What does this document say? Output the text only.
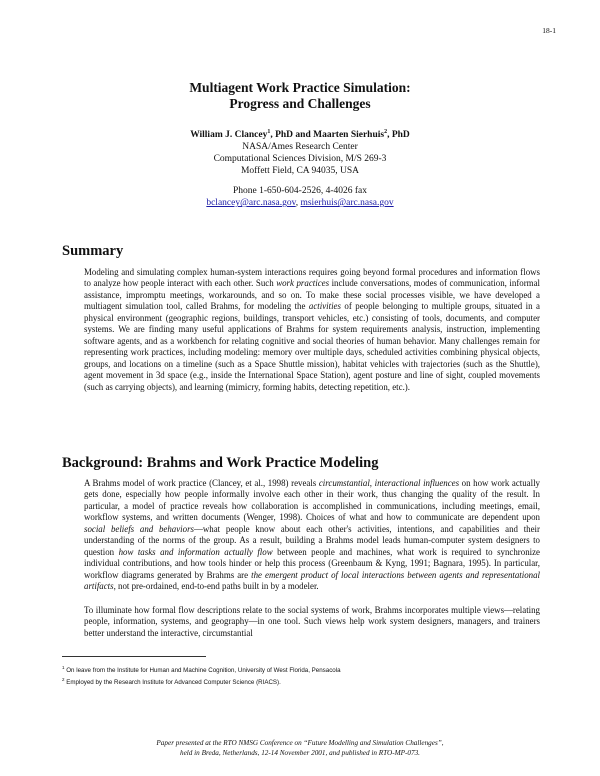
18-1
Multiagent Work Practice Simulation:
Progress and Challenges
William J. Clancey$^1$, PhD and Maarten Sierhuis$^2$, PhD
NASA/Ames Research Center
Computational Sciences Division, M/S 269-3
Moffett Field, CA 94035, USA
Phone 1-650-604-2526, 4-4026 fax
bclancey@arc.nasa.gov, msierhuis@arc.nasa.gov
Summary

Modeling and simulating complex human-system interactions requires going beyond formal procedures and information flows to analyze how people interact with each other. Such work practices include conversations, modes of communication, informal assistance, impromptu meetings, workarounds, and so on. To make these social processes visible, we have developed a multiagent simulation tool, called Brahms, for modeling the activities of people belonging to multiple groups, situated in a physical environment (geographic regions, buildings, transport vehicles, etc.) consisting of tools, documents, and computer systems. We are finding many useful applications of Brahms for system requirements analysis, instruction, implementing software agents, and as a workbench for relating cognitive and social theories of human behavior. Many challenges remain for representing work practices, including modeling: memory over multiple days, scheduled activities combining physical objects, groups, and locations on a timeline (such as a Space Shuttle mission), habitat vehicles with trajectories (such as the Shuttle), agent movement in 3d space (e.g., inside the International Space Station), agent posture and line of sight, coupled movements (such as carrying objects), and learning (mimicry, forming habits, detecting repetition, etc.).

Background: Brahms and Work Practice Modeling

A Brahms model of work practice (Clancey, et al., 1998) reveals circumstantial, interactional influences on how work actually gets done, especially how people informally involve each other in their work, thus changing the quality of the result. In particular, a model of practice reveals how collaboration is accomplished in communications, including meetings, email, workflow systems, and written documents (Wenger, 1998). Choices of what and how to communicate are dependent upon social beliefs and behaviors—what people know about each other's activities, intentions, and capabilities and their understanding of the norms of the group. As a result, building a Brahms model leads human-computer system designers to question how tasks and information actually flow between people and machines, what work is required to synchronize individual contributions, and how tools hinder or help this process (Greenbaum & Kyng, 1991; Bagnara, 1995). In particular, workflow diagrams generated by Brahms are the emergent product of local interactions between agents and representational artifacts, not pre-ordained, end-to-end paths built in by a modeler.

To illuminate how formal flow descriptions relate to the social systems of work, Brahms incorporates multiple views—relating people, information, systems, and geography—in one tool. Such views help work system designers, managers, and trainers better understand the interactive, circumstantial

$^1$ On leave from the Institute for Human and Machine Cognition, University of West Florida, Pensacola
$^2$ Employed by the Research Institute for Advanced Computer Science (RIACS).
Paper presented at the RTO NMSG Conference on “Future Modelling and Simulation Challenges”,
held in Breda, Netherlands, 12-14 November 2001, and published in RTO-MP-073.
